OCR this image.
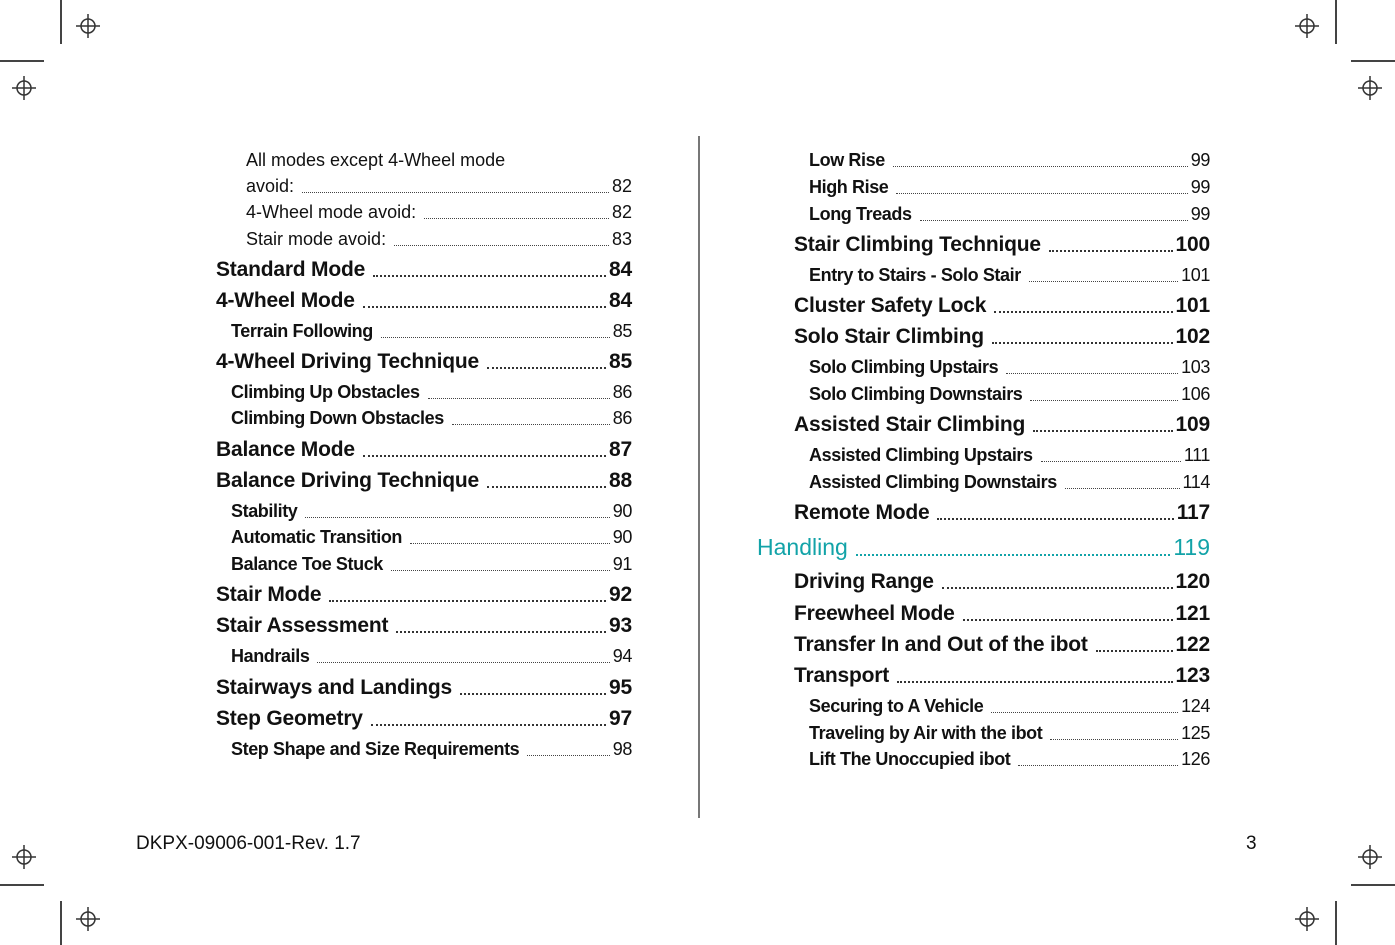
All modes except 4-Wheel mode
avoid:	82
4-Wheel mode avoid:	82
Stair mode avoid:	83
Standard Mode	84
4-Wheel Mode	84
Terrain Following	85
4-Wheel Driving Technique	85
Climbing Up Obstacles	86
Climbing Down Obstacles	86
Balance Mode	87
Balance Driving Technique	88
Stability	90
Automatic Transition	90
Balance Toe Stuck	91
Stair Mode	92
Stair Assessment	93
Handrails	94
Stairways and Landings	95
Step Geometry	97
Step Shape and Size Requirements	98
Low Rise	99
High Rise	99
Long Treads	99
Stair Climbing Technique	100
Entry to Stairs - Solo Stair	101
Cluster Safety Lock	101
Solo Stair Climbing	102
Solo Climbing Upstairs	103
Solo Climbing Downstairs	106
Assisted Stair Climbing	109
Assisted Climbing Upstairs	111
Assisted Climbing Downstairs	114
Remote Mode	117
Handling	119
Driving Range	120
Freewheel Mode	121
Transfer In and Out of the ibot	122
Transport	123
Securing to A Vehicle	124
Traveling by Air with the ibot	125
Lift The Unoccupied ibot	126
DKPX-09006-001-Rev. 1.7	3
